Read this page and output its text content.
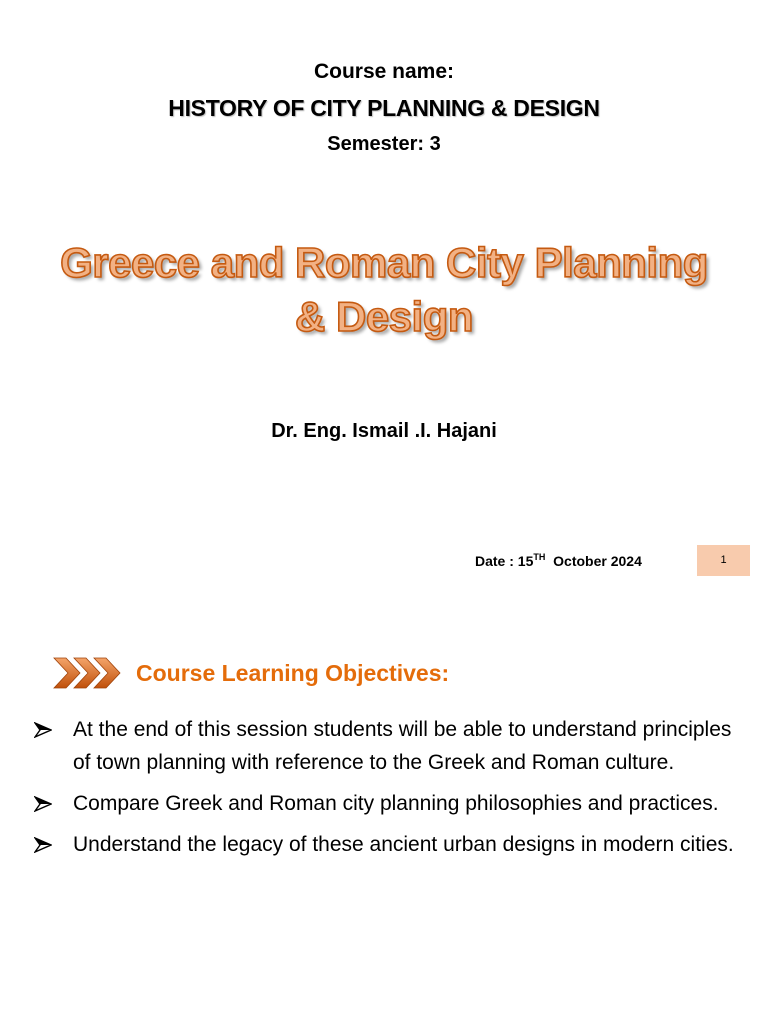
Course name:
HISTORY OF CITY PLANNING & DESIGN
Semester: 3
Greece and Roman City Planning
& Design
Dr. Eng. Ismail .I. Hajani
Date : 15TH October 2024	1
Course Learning Objectives:
At the end of this session students will be able to understand principles of town planning with reference to the Greek and Roman culture.
Compare Greek and Roman city planning philosophies and practices.
Understand the legacy of these ancient urban designs in modern cities.
